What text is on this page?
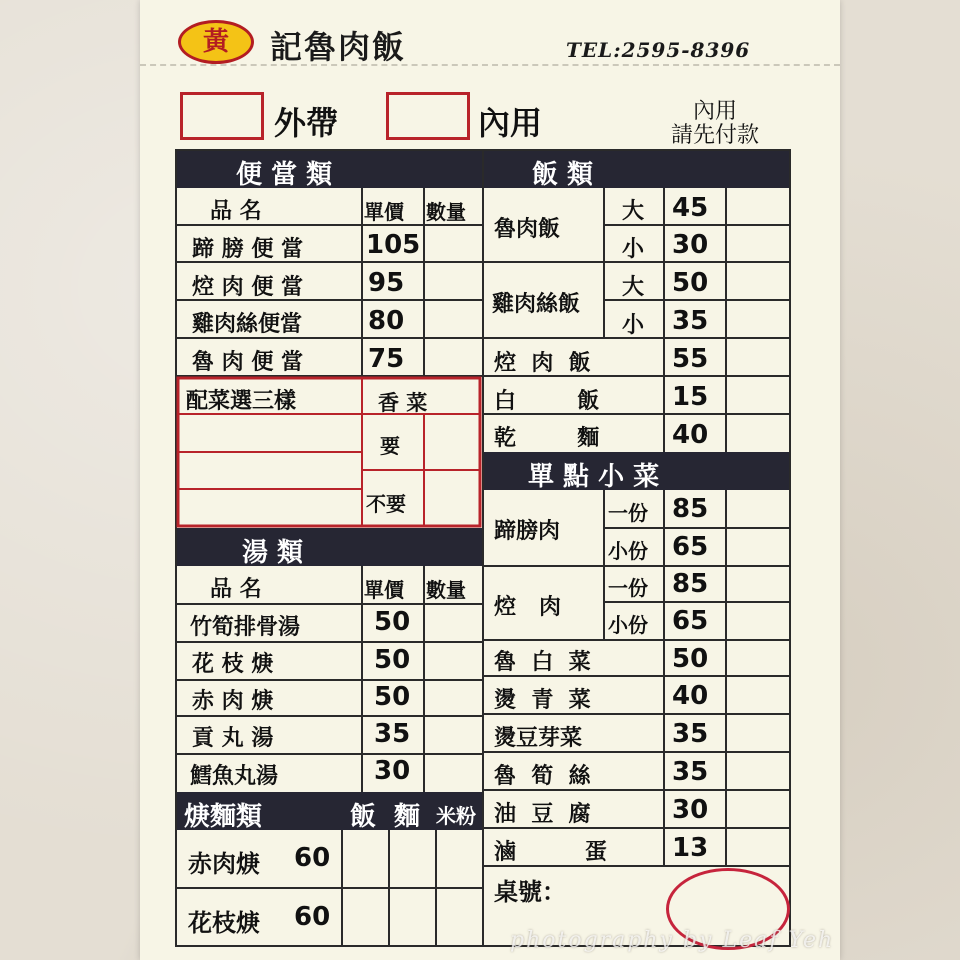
黃 記魯肉飯	TEL:2595-8396
外帶	內用	內用
請先付款
便 當 類	飯 類
單 點 小 菜
湯 類
焿麵類	飯 麵 米粉
品 名	單價 數量
蹄 膀 便 當 105
焢 肉 便 當	95
雞肉絲便當	80
魯 肉 便 當	75
配菜選三樣	香 菜
要
不要
品 名	單價 數量
竹筍排骨湯	50
花 枝 焿	50
赤 肉 焿	50
貢 丸 湯	35
鱈魚丸湯	30
赤肉焿 60
花枝焿 60
魯肉飯
大 45
小 30
雞肉絲飯
大 50
小 35
焢  肉  飯	55
白        飯	15
乾        麵	40
蹄膀肉
一份 85
小份 65
焢   肉
一份 85
小份 65
魯  白  菜	50
燙  青  菜	40
燙豆芽菜	35
魯  筍  絲	35
油  豆  腐	30
滷         蛋	13
桌號：
photography by Leaf Yeh
